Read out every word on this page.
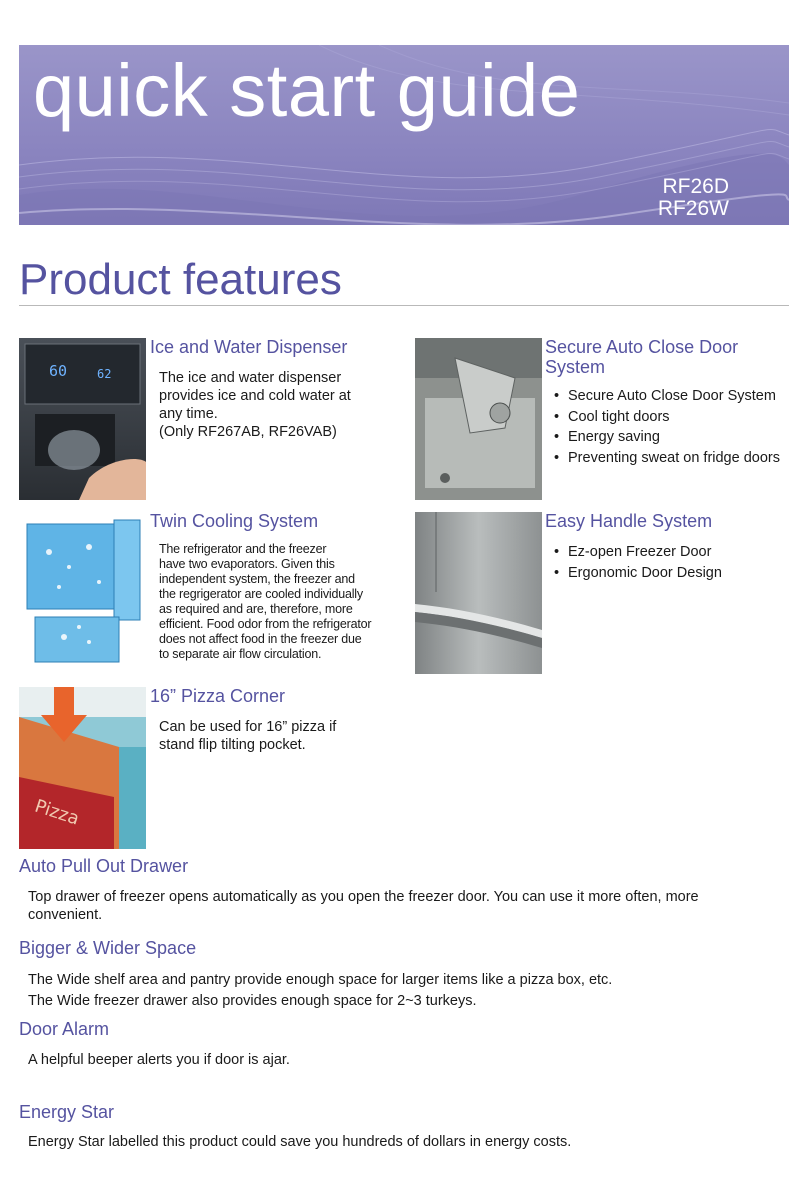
quick start guide
RF26D
RF26W
Product features
60 62
Ice and Water Dispenser
The ice and water dispenser
provides ice and cold water at
any time.
(Only RF267AB, RF26VAB)
Secure Auto Close Door
System
• Secure Auto Close Door System
• Cool tight doors
• Energy saving
• Preventing sweat on fridge doors
Twin Cooling System
The refrigerator and the freezer
have two evaporators. Given this
independent system, the freezer and
the regrigerator are cooled individually
as required and are, therefore, more
efficient. Food odor from the refrigerator
does not affect food in the freezer due
to separate air flow circulation.
Easy Handle System
• Ez-open Freezer Door
• Ergonomic Door Design
Pizza
16” Pizza Corner
Can be used for 16” pizza if
stand flip tilting pocket.
Auto Pull Out Drawer

Top drawer of freezer opens automatically as you open the freezer door. You can use it more often, more

convenient.

Bigger & Wider Space

The Wide shelf area and pantry provide enough space for larger items like a pizza box, etc.

The Wide freezer drawer also provides enough space for 2~3 turkeys.

Door Alarm

A helpful beeper alerts you if door is ajar.

Energy Star

Energy Star labelled this product could save you hundreds of dollars in energy costs.
